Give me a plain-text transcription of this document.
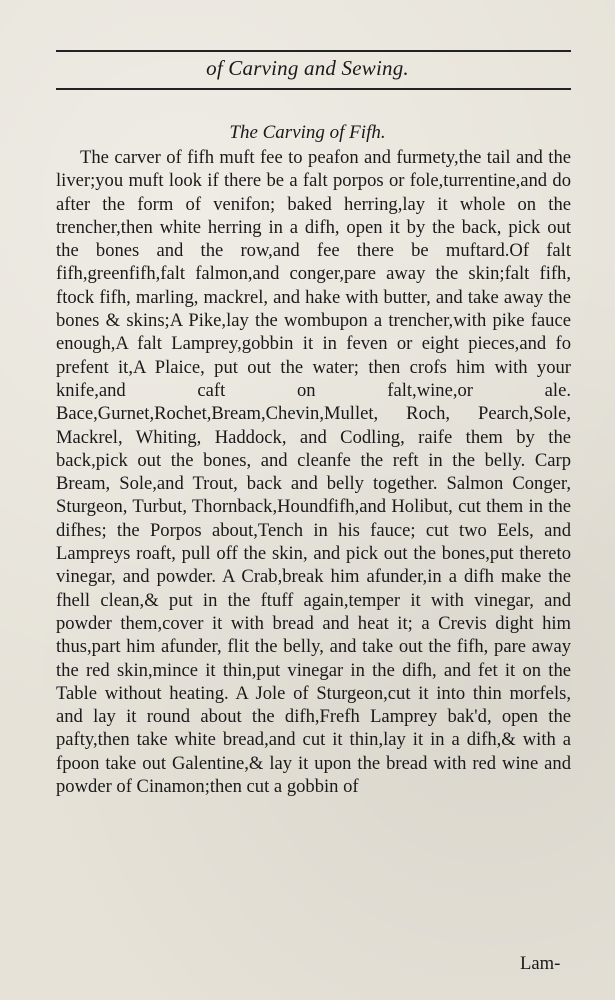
of Carving and Sewing.
The Carving of Fifh.

The carver of fifh muft fee to peafon and furmety,the tail and the liver;you muft look if there be a falt porpos or fole,turrentine,and do after the form of venifon; baked herring,lay it whole on the trencher,then white herring in a difh, open it by the back, pick out the bones and the row,and fee there be muftard.Of falt fifh,greenfifh,falt falmon,and conger,pare away the skin;falt fifh, ftock fifh, marling, mackrel, and hake with butter, and take away the bones & skins;A Pike,lay the wombupon a trencher,with pike fauce enough,A falt Lamprey,gobbin it in feven or eight pieces,and fo prefent it,A Plaice, put out the water; then crofs him with your knife,and caft on falt,wine,or ale. Bace,Gurnet,Rochet,Bream,Chevin,Mullet, Roch, Pearch,Sole, Mackrel, Whiting, Haddock, and Codling, raife them by the back,pick out the bones, and cleanfe the reft in the belly. Carp Bream, Sole,and Trout, back and belly together. Salmon Conger, Sturgeon, Turbut, Thornback,Houndfifh,and Holibut, cut them in the difhes; the Porpos about,Tench in his fauce; cut two Eels, and Lampreys roaft, pull off the skin, and pick out the bones,put thereto vinegar, and powder. A Crab,break him afunder,in a difh make the fhell clean,& put in the ftuff again,temper it with vinegar, and powder them,cover it with bread and heat it; a Crevis dight him thus,part him afunder, flit the belly, and take out the fifh, pare away the red skin,mince it thin,put vinegar in the difh, and fet it on the Table without heating. A Jole of Sturgeon,cut it into thin morfels, and lay it round about the difh,Frefh Lamprey bak'd, open the pafty,then take white bread,and cut it thin,lay it in a difh,& with a fpoon take out Galentine,& lay it upon the bread with red wine and powder of Cinamon;then cut a gobbin of

Lam-
